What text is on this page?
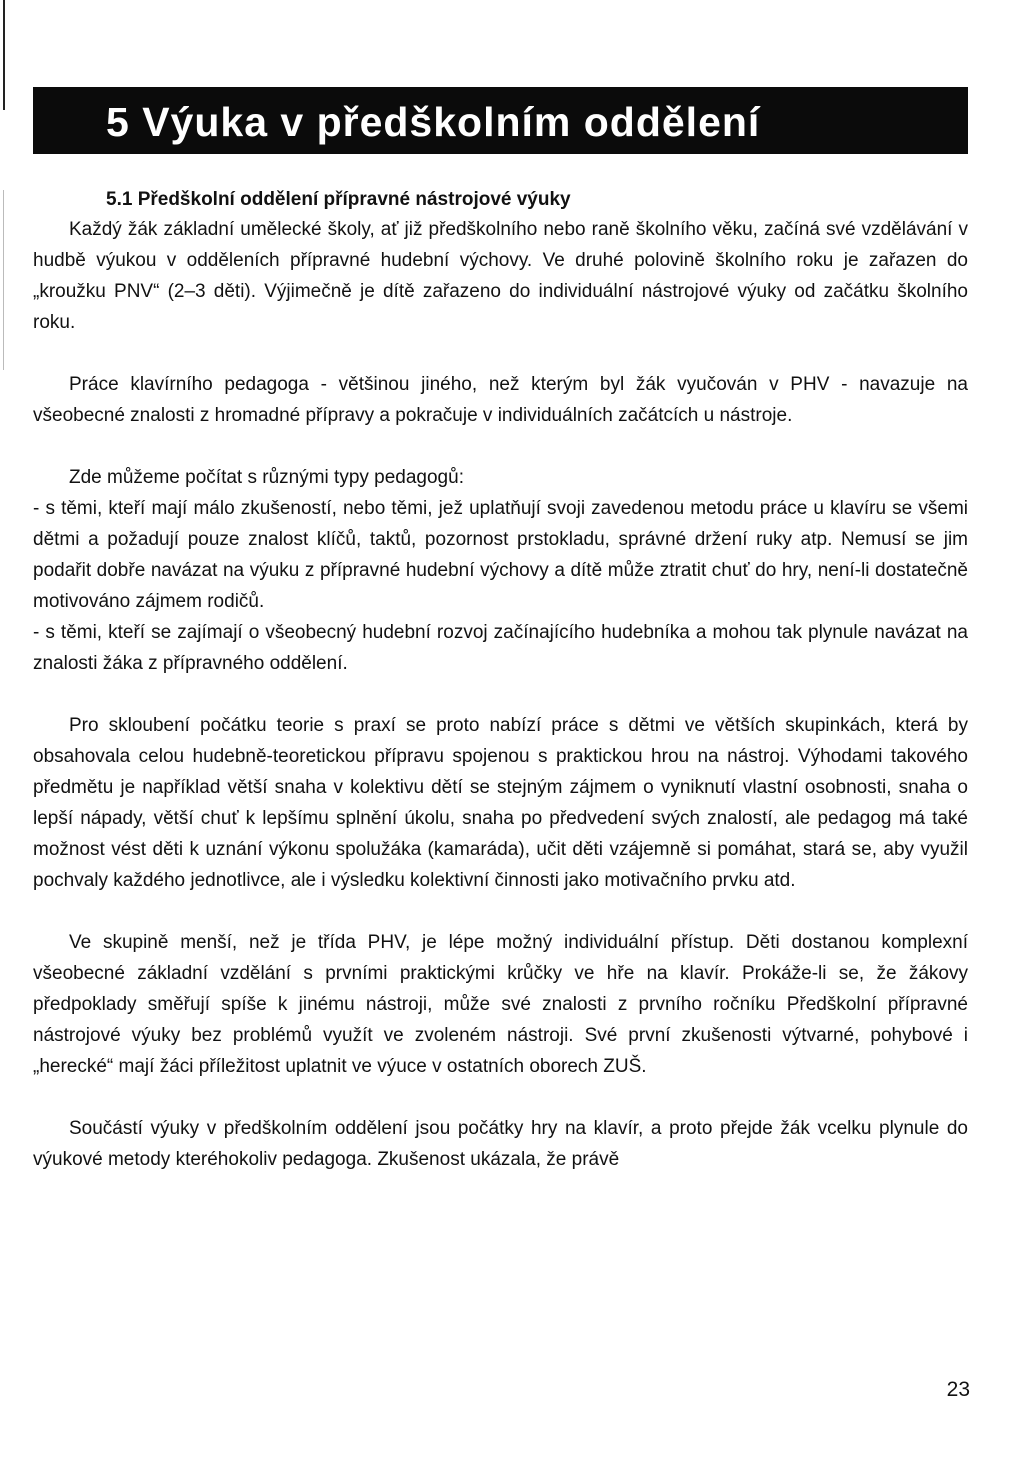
5 Výuka v předškolním oddělení
5.1 Předškolní oddělení přípravné nástrojové výuky

Každý žák základní umělecké školy, ať již předškolního nebo raně školního věku, začíná své vzdělávání v hudbě výukou v odděleních přípravné hudební výchovy. Ve druhé polovině školního roku je zařazen do „kroužku PNV“ (2–3 děti). Výjimečně je dítě zařazeno do individuální nástrojové výuky od začátku školního roku.

Práce klavírního pedagoga - většinou jiného, než kterým byl žák vyučován v PHV - navazuje na všeobecné znalosti z hromadné přípravy a pokračuje v individuálních začátcích u nástroje.

Zde můžeme počítat s různými typy pedagogů:

- s těmi, kteří mají málo zkušeností, nebo těmi, jež uplatňují svoji zavedenou metodu práce u klavíru se všemi dětmi a požadují pouze znalost klíčů, taktů, pozornost prstokladu, správné držení ruky atp. Nemusí se jim podařit dobře navázat na výuku z přípravné hudební výchovy a dítě může ztratit chuť do hry, není-li dostatečně motivováno zájmem rodičů.

- s těmi, kteří se zajímají o všeobecný hudební rozvoj začínajícího hudebníka a mohou tak plynule navázat na znalosti žáka z přípravného oddělení.

Pro skloubení počátku teorie s praxí se proto nabízí práce s dětmi ve větších skupinkách, která by obsahovala celou hudebně-teoretickou přípravu spojenou s praktickou hrou na nástroj. Výhodami takového předmětu je například větší snaha v kolektivu dětí se stejným zájmem o vyniknutí vlastní osobnosti, snaha o lepší nápady, větší chuť k lepšímu splnění úkolu, snaha po předvedení svých znalostí, ale pedagog má také možnost vést děti k uznání výkonu spolužáka (kamaráda), učit děti vzájemně si pomáhat, stará se, aby využil pochvaly každého jednotlivce, ale i výsledku kolektivní činnosti jako motivačního prvku atd.

Ve skupině menší, než je třída PHV, je lépe možný individuální přístup. Děti dostanou komplexní všeobecné základní vzdělání s prvními praktickými krůčky ve hře na klavír. Prokáže-li se, že žákovy předpoklady směřují spíše k jinému nástroji, může své znalosti z prvního ročníku Předškolní přípravné nástrojové výuky bez problémů využít ve zvoleném nástroji. Své první zkušenosti výtvarné, pohybové i „herecké“ mají žáci příležitost uplatnit ve výuce v ostatních oborech ZUŠ.

Součástí výuky v předškolním oddělení jsou počátky hry na klavír, a proto přejde žák vcelku plynule do výukové metody kteréhokoliv pedagoga. Zkušenost ukázala, že právě

23
